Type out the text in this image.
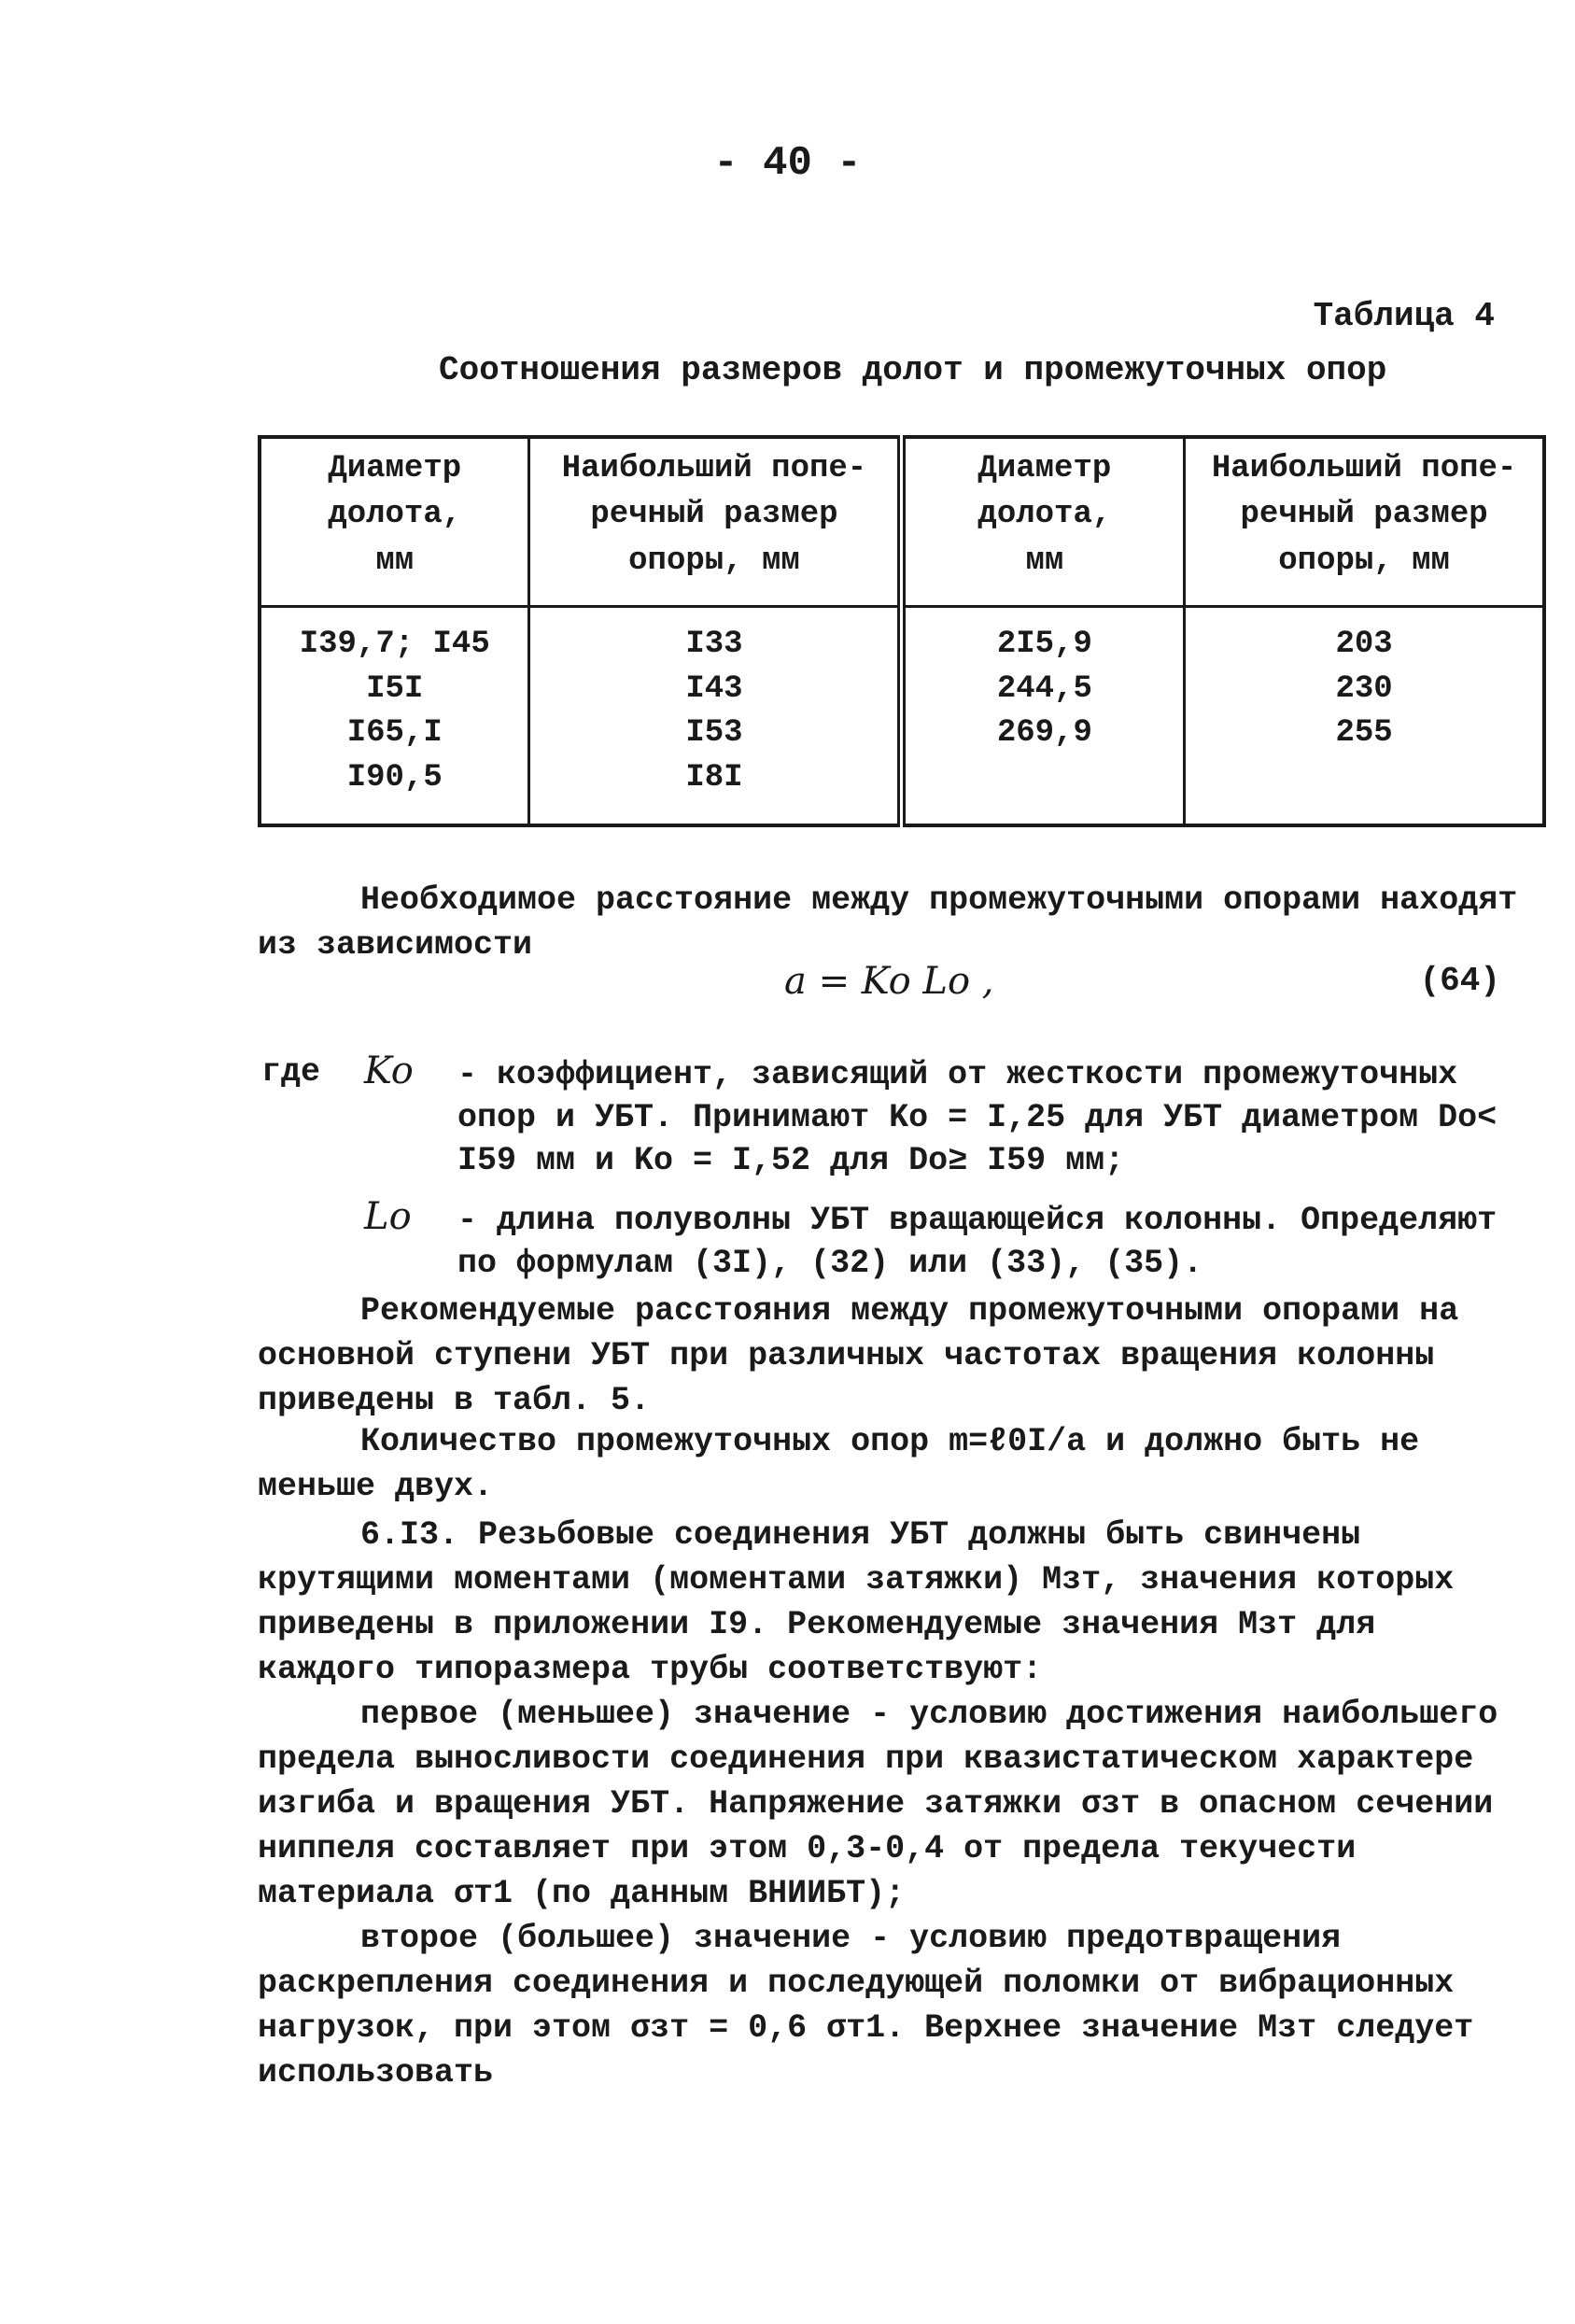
- 40 -
Таблица 4
Соотношения размеров долот и промежуточных опор
Диаметр долота,
мм	Наибольший попе-
речный размер
опоры, мм	Диаметр долота,
мм	Наибольший попе-
речный размер
опоры, мм

I39,7; I45
I5I
I65,I
I90,5	I33
I43
I53
I8I	2I5,9
244,5
269,9	203
230
255
Необходимое расстояние между промежуточными опорами находят из зависимости
a = Ko Lo ,	(64)
где Ko - коэффициент, зависящий от жесткости промежуточных опор и УБТ. Принимают Ko = I,25 для УБТ диаметром Do< I59 мм и Ko = I,52 для Do≥ I59 мм;
Lo - длина полуволны УБТ вращающейся колонны. Определяют по формулам (3I), (32) или (33), (35).
Рекомендуемые расстояния между промежуточными опорами на основной ступени УБТ при различных частотах вращения колонны приведены в табл. 5.
Количество промежуточных опор m=ℓ0I/a и должно быть не меньше двух.
6.I3. Резьбовые соединения УБТ должны быть свинчены крутящими моментами (моментами затяжки) Mзт, значения которых приведены в приложении I9. Рекомендуемые значения Mзт для каждого типоразмера трубы соответствуют:
первое (меньшее) значение - условию достижения наибольшего предела выносливости соединения при квазистатическом характере изгиба и вращения УБТ. Напряжение затяжки σзт в опасном сечении ниппеля составляет при этом 0,3-0,4 от предела текучести материала σт1 (по данным ВНИИБТ);
второе (большее) значение - условию предотвращения раскрепления соединения и последующей поломки от вибрационных нагрузок, при этом σзт = 0,6 σт1. Верхнее значение Mзт следует использовать
